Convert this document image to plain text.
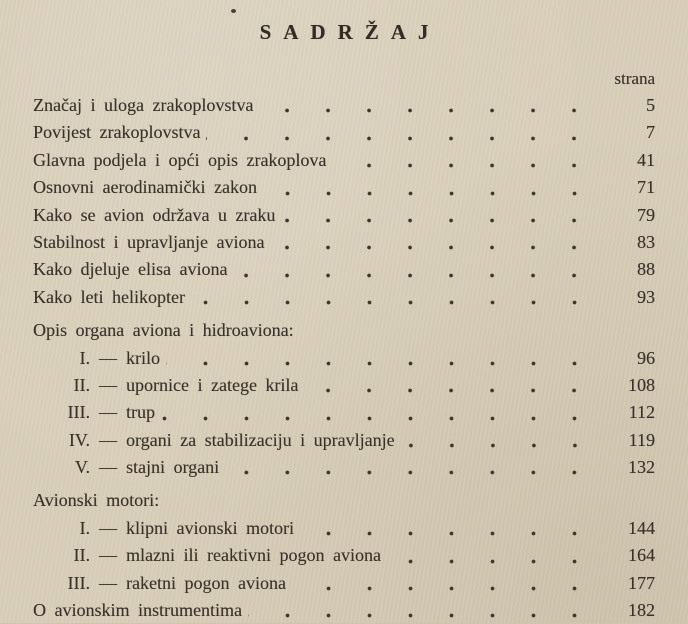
SADRŽAJ
strana
Značaj i uloga zrakoplovstva	5
Povijest zrakoplovstva	7
Glavna podjela i opći opis zrakoplova	41
Osnovni aerodinamički zakon	71
Kako se avion održava u zraku	79
Stabilnost i upravljanje aviona	83
Kako djeluje elisa aviona	88
Kako leti helikopter	93
Opis organa aviona i hidroaviona:
I. — krilo	96
II. — upornice i zatege krila	108
III. — trup	112
IV. — organi za stabilizaciju i upravljanje	119
V. — stajni organi	132
Avionski motori:
I. — klipni avionski motori	144
II. — mlazni ili reaktivni pogon aviona	164
III. — raketni pogon aviona	177
O avionskim instrumentima	182
